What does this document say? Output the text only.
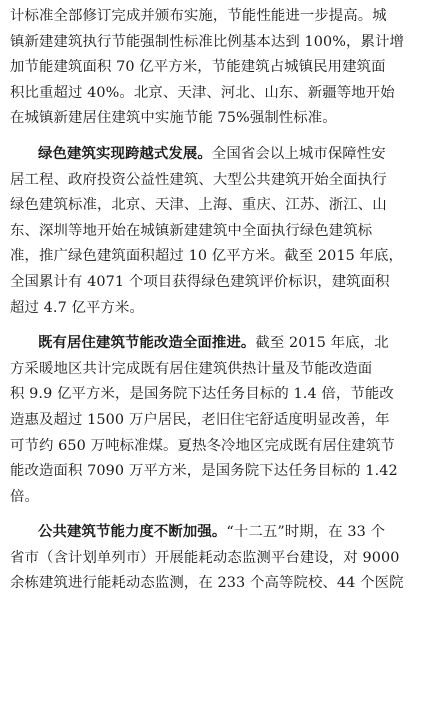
计标准全部修订完成并颁布实施，节能性能进一步提高。城
镇新建建筑执行节能强制性标准比例基本达到 100%，累计增
加节能建筑面积 70 亿平方米，节能建筑占城镇民用建筑面
积比重超过 40%。北京、天津、河北、山东、新疆等地开始
在城镇新建居住建筑中实施节能 75%强制性标准。

绿色建筑实现跨越式发展。全国省会以上城市保障性安
居工程、政府投资公益性建筑、大型公共建筑开始全面执行
绿色建筑标准，北京、天津、上海、重庆、江苏、浙江、山
东、深圳等地开始在城镇新建建筑中全面执行绿色建筑标
准，推广绿色建筑面积超过 10 亿平方米。截至 2015 年底，
全国累计有 4071 个项目获得绿色建筑评价标识，建筑面积
超过 4.7 亿平方米。

既有居住建筑节能改造全面推进。截至 2015 年底，北
方采暖地区共计完成既有居住建筑供热计量及节能改造面
积 9.9 亿平方米，是国务院下达任务目标的 1.4 倍，节能改
造惠及超过 1500 万户居民，老旧住宅舒适度明显改善，年
可节约 650 万吨标准煤。夏热冬冷地区完成既有居住建筑节
能改造面积 7090 万平方米，是国务院下达任务目标的 1.42
倍。

公共建筑节能力度不断加强。“十二五”时期，在 33 个
省市（含计划单列市）开展能耗动态监测平台建设，对 9000
余栋建筑进行能耗动态监测，在 233 个高等院校、44 个医院
